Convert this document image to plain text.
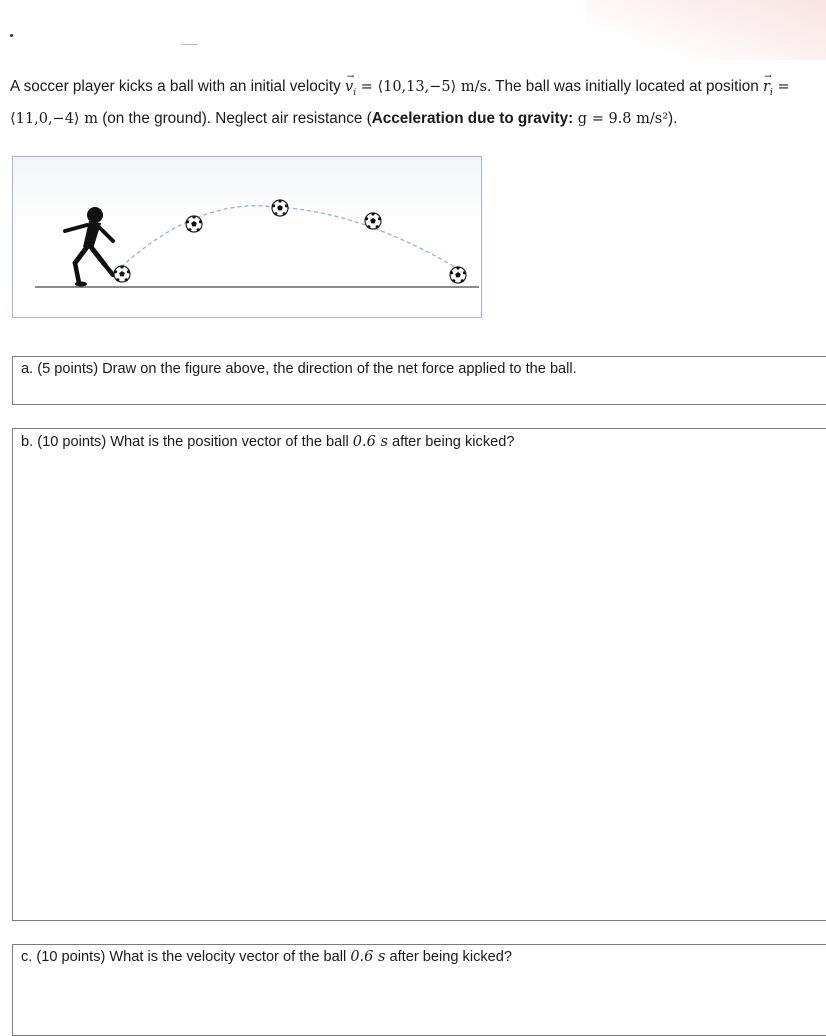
A soccer player kicks a ball with an initial velocity → $v_i$ = ⟨10,13,−5⟩ m/s. The ball was initially located at position → $r_i$ = ⟨11,0,−4⟩ m (on the ground). Neglect air resistance (Acceleration due to gravity: g = 9.8 m/s²).
a. (5 points) Draw on the figure above, the direction of the net force applied to the ball.
b. (10 points) What is the position vector of the ball 0.6 s after being kicked?
c. (10 points) What is the velocity vector of the ball 0.6 s after being kicked?
